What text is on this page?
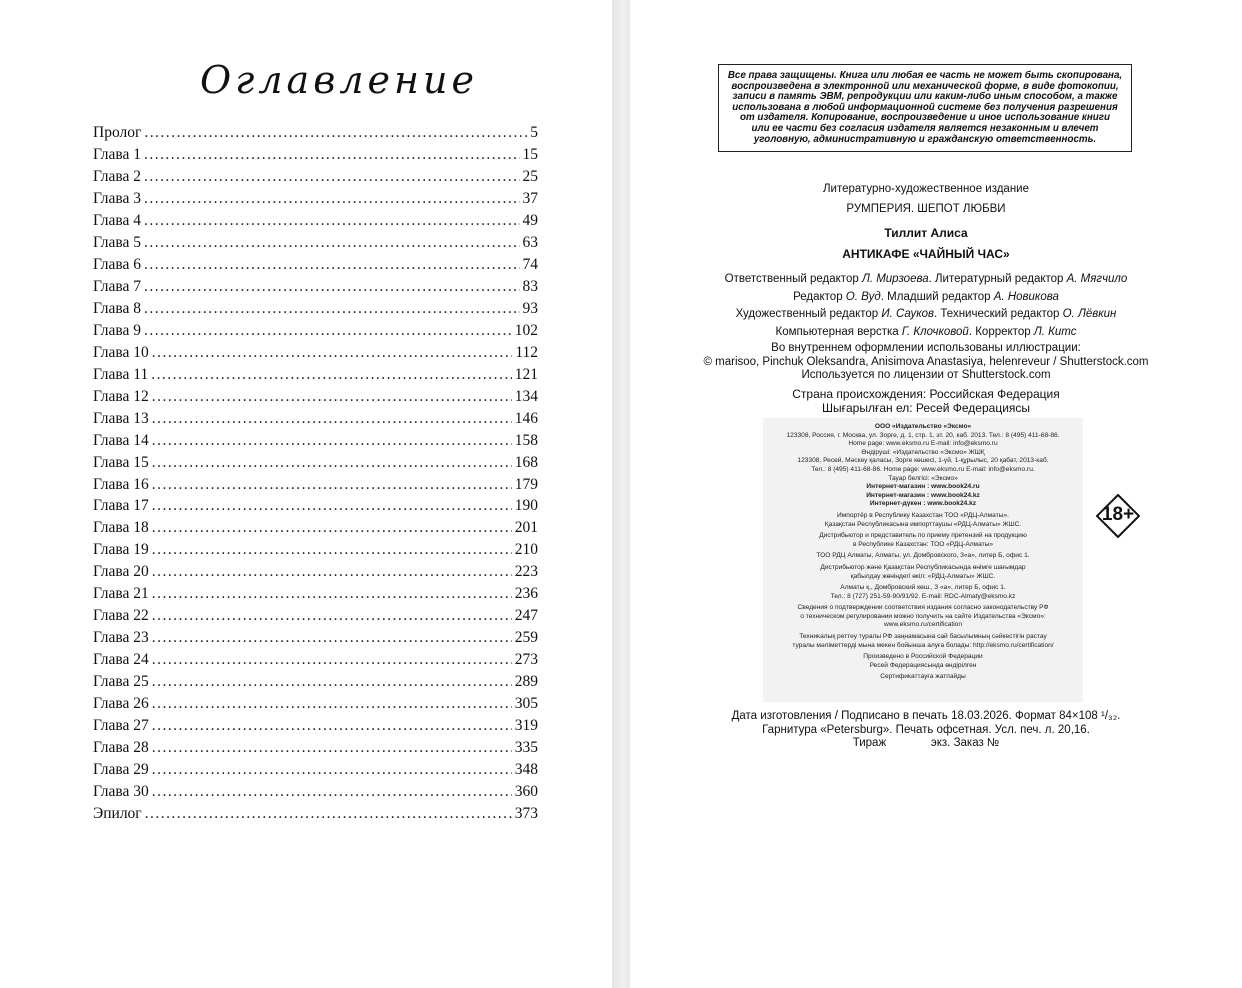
Оглавление
Пролог . . .	5
Глава 1 . . .	15
Глава 2 . . .	25
Глава 3 . . .	37
Глава 4 . . .	49
Глава 5 . . .	63
Глава 6 . . .	74
Глава 7 . . .	83
Глава 8 . . .	93
Глава 9 . . .	102
Глава 10 . . .	112
Глава 11 . . .	121
Глава 12 . . .	134
Глава 13 . . .	146
Глава 14 . . .	158
Глава 15 . . .	168
Глава 16 . . .	179
Глава 17 . . .	190
Глава 18 . . .	201
Глава 19 . . .	210
Глава 20 . . .	223
Глава 21 . . .	236
Глава 22 . . .	247
Глава 23 . . .	259
Глава 24 . . .	273
Глава 25 . . .	289
Глава 26 . . .	305
Глава 27 . . .	319
Глава 28 . . .	335
Глава 29 . . .	348
Глава 30 . . .	360
Эпилог . . .	373
Все права защищены. Книга или любая ее часть не может быть скопирована,
воспроизведена в электронной или механической форме, в виде фотокопии,
записи в память ЭВМ, репродукции или каким-либо иным способом, а также
использована в любой информационной системе без получения разрешения
от издателя. Копирование, воспроизведение и иное использование книги
или ее части без согласия издателя является незаконным и влечет
уголовную, административную и гражданскую ответственность.
Литературно-художественное издание
РУМПЕРИЯ. ШЕПОТ ЛЮБВИ
Тиллит Алиса
АНТИКАФЕ «ЧАЙНЫЙ ЧАС»
Ответственный редактор Л. Мирзоева. Литературный редактор А. Мягчило
Редактор О. Вуд. Младший редактор А. Новикова
Художественный редактор И. Сауков. Технический редактор О. Лёвкин
Компьютерная верстка Г. Клочковой. Корректор Л. Китс
Во внутреннем оформлении использованы иллюстрации:
© marisoo, Pinchuk Oleksandra, Anisimova Anastasiya, helenreveur / Shutterstock.com
Используется по лицензии от Shutterstock.com
Страна происхождения: Российская Федерация
Шығарылған ел: Ресей Федерациясы
ООО «Издательство «Эксмо»
123308, Россия, г. Москва, ул. Зорге, д. 1, стр. 1, эт. 20, каб. 2013. Тел.: 8 (495) 411-68-86.
Home page: www.eksmo.ru E-mail: info@eksmo.ru
Өндіруші: «Издательство «Эксмо» ЖШҚ
123308, Ресей, Мәскеу қаласы, Зорге көшесі, 1-үй, 1-құрылыс, 20 қабат, 2013-каб.
Тел.: 8 (495) 411-68-86. Home page: www.eksmo.ru E-mail: info@eksmo.ru.
Тауар белгісі: «Эксмо»
Интернет-магазин : www.book24.ru
Интернет-магазин : www.book24.kz
Интернет-дүкен : www.book24.kz
Импортёр в Республику Казахстан ТОО «РДЦ-Алматы».
Қазақстан Республикасына импорттаушы «РДЦ-Алматы» ЖШС.
Дистрибьютор и представитель по приему претензий на продукцию
в Республике Казахстан: ТОО «РДЦ-Алматы»
ТОО РДЦ Алматы, Алматы, ул. Домбровского, 3«а», литер Б, офис 1.
Дистрибьютор және Қазақстан Республикасында өнімге шағымдар
қабылдау жөніндегі өкіл: «РДЦ-Алматы» ЖШС.
Алматы қ., Домбровский көш., 3 «а», литер Б, офис 1.
Тел.: 8 (727) 251-59-90/91/92. E-mail: RDC-Almaty@eksmo.kz
Сведения о подтверждении соответствия издания согласно законодательству РФ
о техническом регулировании можно получить на сайте Издательства «Эксмо»:
www.eksmo.ru/certification
Техникалық реттеу туралы РФ заңнамасына сай басылымның сәйкестігін растау
туралы мәліметтерді мына мекен бойынша алуға болады: http://eksmo.ru/certification/
Произведено в Российской Федерации
Ресей Федерациясында өндірілген
Сертификаттауға жатпайды
18+
Дата изготовления / Подписано в печать 18.03.2026. Формат 84×108 ¹/₃₂.
Гарнитура «Petersburg». Печать офсетная. Усл. печ. л. 20,16.
Тираж              экз. Заказ №
